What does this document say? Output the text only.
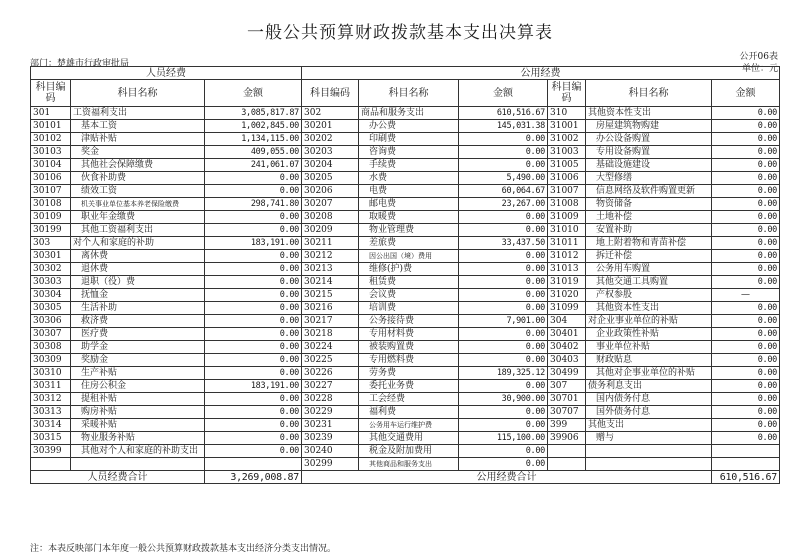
一般公共预算财政拨款基本支出决算表
部门：楚雄市行政审批局
公开06表
单位：元
人员经费			公用经费					
科目编码	科目名称	金额	科目编码	科目名称	金额	科目编码	科目名称	金额
301	工资福利支出	3,085,817.87	302	商品和服务支出	610,516.67	310	其他资本性支出	0.00
30101	基本工资	1,002,845.00	30201	办公费	145,031.38	31001	房屋建筑物购建	0.00
30102	津贴补贴	1,134,115.00	30202	印刷费	0.00	31002	办公设备购置	0.00
30103	奖金	409,055.00	30203	咨询费	0.00	31003	专用设备购置	0.00
30104	其他社会保障缴费	241,061.07	30204	手续费	0.00	31005	基础设施建设	0.00
30106	伙食补助费	0.00	30205	水费	5,490.00	31006	大型修缮	0.00
30107	绩效工资	0.00	30206	电费	60,064.67	31007	信息网络及软件购置更新	0.00
30108	机关事业单位基本养老保险缴费	298,741.80	30207	邮电费	23,267.00	31008	物资储备	0.00
30109	职业年金缴费	0.00	30208	取暖费	0.00	31009	土地补偿	0.00
30199	其他工资福利支出	0.00	30209	物业管理费	0.00	31010	安置补助	0.00
303	对个人和家庭的补助	183,191.00	30211	差旅费	33,437.50	31011	地上附着物和青苗补偿	0.00
30301	离休费	0.00	30212	因公出国（境）费用	0.00	31012	拆迁补偿	0.00
30302	退休费	0.00	30213	维修(护)费	0.00	31013	公务用车购置	0.00
30303	退职（役）费	0.00	30214	租赁费	0.00	31019	其他交通工具购置	0.00
30304	抚恤金	0.00	30215	会议费	0.00	31020	产权参股	—
30305	生活补助	0.00	30216	培训费	0.00	31099	其他资本性支出	0.00
30306	救济费	0.00	30217	公务接待费	7,901.00	304	对企业事业单位的补贴	0.00
30307	医疗费	0.00	30218	专用材料费	0.00	30401	企业政策性补贴	0.00
30308	助学金	0.00	30224	被装购置费	0.00	30402	事业单位补贴	0.00
30309	奖励金	0.00	30225	专用燃料费	0.00	30403	财政贴息	0.00
30310	生产补贴	0.00	30226	劳务费	189,325.12	30499	其他对企事业单位的补贴	0.00
30311	住房公积金	183,191.00	30227	委托业务费	0.00	307	债务利息支出	0.00
30312	提租补贴	0.00	30228	工会经费	30,900.00	30701	国内债务付息	0.00
30313	购房补贴	0.00	30229	福利费	0.00	30707	国外债务付息	0.00
30314	采暖补贴	0.00	30231	公务用车运行维护费	0.00	399	其他支出	0.00
30315	物业服务补贴	0.00	30239	其他交通费用	115,100.00	39906	赠与	0.00
30399	其他对个人和家庭的补助支出	0.00	30240	税金及附加费用	0.00			
			30299	其他商品和服务支出	0.00			
人员经费合计		3,269,008.87	公用经费合计					610,516.67
注：本表反映部门本年度一般公共预算财政拨款基本支出经济分类支出情况。
